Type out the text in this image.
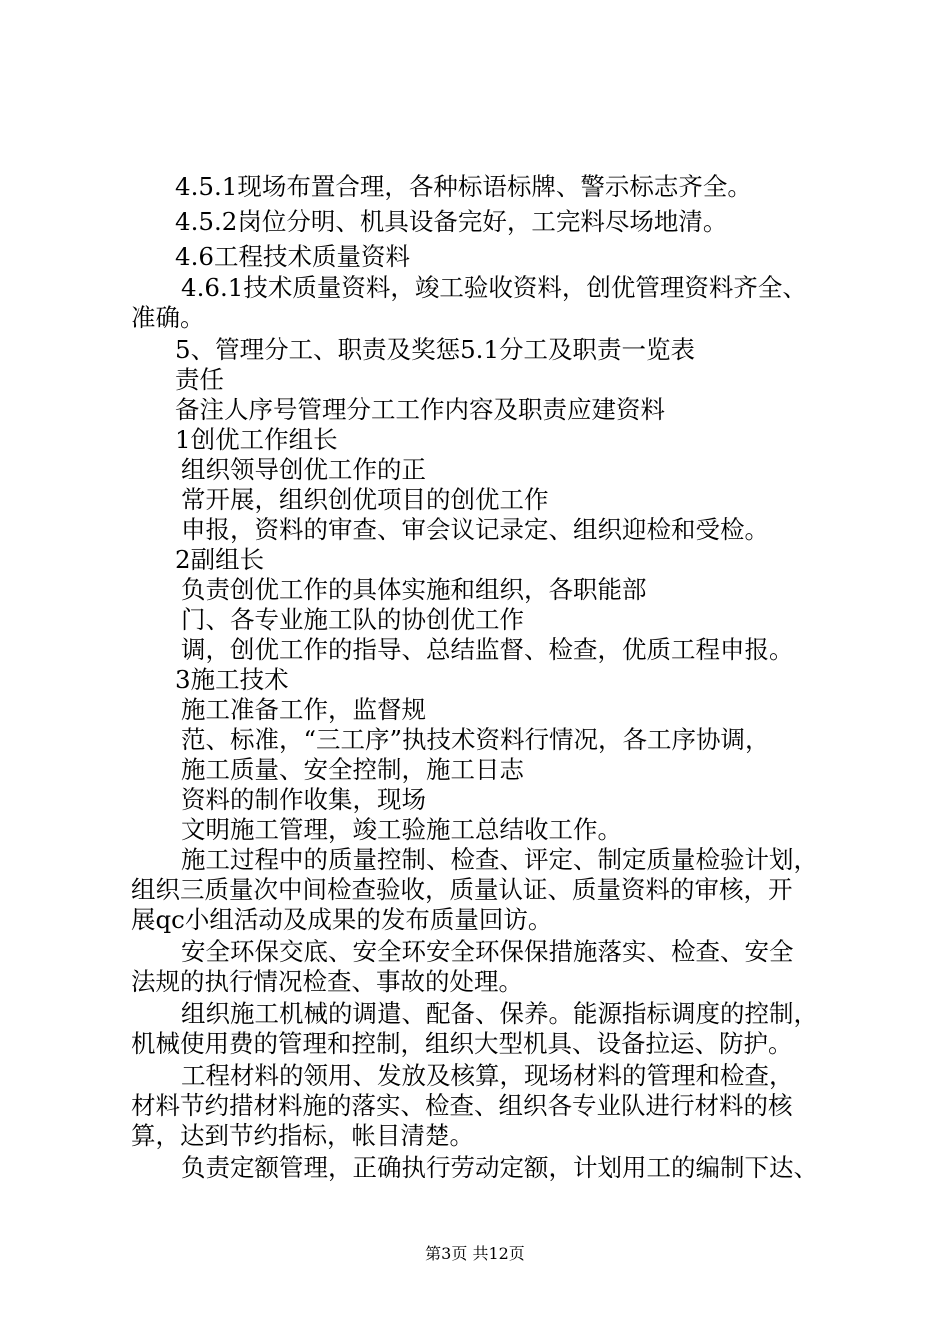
4.5.1现场布置合理，各种标语标牌、警示标志齐全。
4.5.2岗位分明、机具设备完好，工完料尽场地清。
4.6工程技术质量资料
4.6.1技术质量资料，竣工验收资料，创优管理资料齐全、
准确。
5、管理分工、职责及奖惩5.1分工及职责一览表
责任
备注人序号管理分工工作内容及职责应建资料
1创优工作组长
组织领导创优工作的正
常开展，组织创优项目的创优工作
申报，资料的审查、审会议记录定、组织迎检和受检。
2副组长
负责创优工作的具体实施和组织，各职能部
门、各专业施工队的协创优工作
调，创优工作的指导、总结监督、检查，优质工程申报。
3施工技术
施工准备工作，监督规
范、标准，“三工序”执技术资料行情况，各工序协调，
施工质量、安全控制，施工日志
资料的制作收集，现场
文明施工管理，竣工验施工总结收工作。
施工过程中的质量控制、检查、评定、制定质量检验计划，
组织三质量次中间检查验收，质量认证、质量资料的审核，开
展qc小组活动及成果的发布质量回访。
安全环保交底、安全环安全环保保措施落实、检查、安全
法规的执行情况检查、事故的处理。
组织施工机械的调遣、配备、保养。能源指标调度的控制，
机械使用费的管理和控制，组织大型机具、设备拉运、防护。
工程材料的领用、发放及核算，现场材料的管理和检查，
材料节约措材料施的落实、检查、组织各专业队进行材料的核
算，达到节约指标，帐目清楚。
负责定额管理，正确执行劳动定额，计划用工的编制下达、
第3页 共12页
